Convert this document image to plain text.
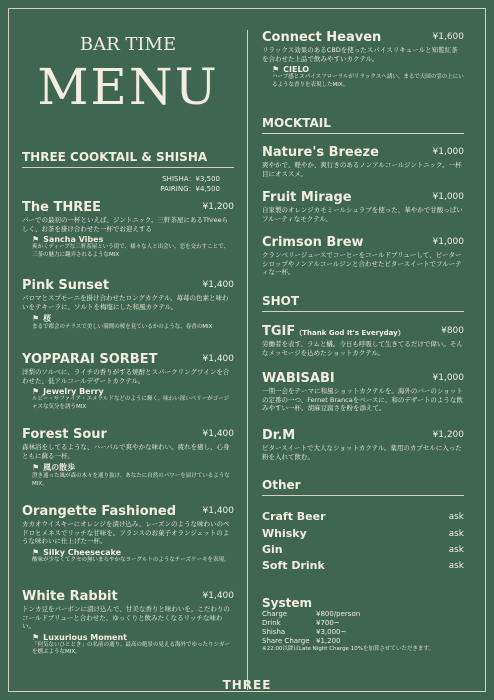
BAR TIME
MENU
THREE COOKTAIL & SHISHA
SHISHA：¥3,500
PAIRING：¥4,500
The THREE	¥1,200
バーでの最初の一杯といえば、ジントニック。三軒茶屋にあるThreeらしく、お茶を掛け合わせた一杯でお迎えする
⚑ Sancha Vibes
爽かくディープな三軒茶屋という街で、様々な人と出会い、恋を交わすことで、三茶の魅力に翻弄されるようなMIX
Pink Sunset	¥1,400
パロマとスプモーニを掛け合わせたロングカクテル。苺苺の色素と味わいをテキーラに、ソルトを梅塩にした和風カクテル。
⚑ 桜
まるで都会のテラスで美しい満開の桜を見ているかのような、春香のMIX
YOPPARAI SORBET	¥1,400
洋梨のソルベに、ライチの香りがする焼酎とスパークリングワインを合わせた、低アルコールデザートカクテル。
⚑ Jewelry Berry
ルビー・サファイア・エメラルドなどのように輝く、味わい深いベリーがゴージャスな気分を誘うMIX
Forest Sour	¥1,400
森林浴をしてるような、ハーバルで爽やかな味わい。疲れを癒し、心身ともに蘇る一杯。
⚑ 風の散歩
澄き通った風が森の木々を通り抜け、あなたに自然のパワーを届けているようなMIX。
Orangette Fashioned	¥1,400
カカオウイスキーにオレンジを漬け込み、レーズンのような味わいのペドロヒメネスでリッチな甘味を。フランスのお菓子オランジェットのような味わいに仕上げた一杯。
⚑ Silky Cheesecake
酸味が少なくてクセの無いまろやかなヨーグルトのようなチーズケーキを表現。
White Rabbit	¥1,400
トンカ豆をバーボンに漬け込んで、甘美な香りと味わいを。こだわりのコールドブリューと合わせた、ゆっくりと飲みたくなるリッチな味わい。
⚑ Luxurious Moment
「何気ないひととき」の名前の通り、最高の絶景の見える海外でゆったりシガーを燻ぶようなMIX。
Connect Heaven	¥1,600
リラックス効果のあるCBDを使ったスパイスリキュールと知覧紅茶を合わせた上品で飲みやすいカクテル。
⚑ CIELO
ハーブ感とスパイスフローラルがリラックスへ誘い、まるで天国の雲の上にいるような香りを表現したMIX。
MOCKTAIL
Nature's Breeze	¥1,000
爽やかで、軽やか、爽行きのあるノンアルコールジントニック。一杯目にオススメ。
Fruit Mirage	¥1,000
自家製のオレンジカモミールシュラブを使った、華やかで甘酸っぱいフルーティなモクテル。
Crimson Brew	¥1,000
クランベリージュースでコーヒーをコールドブリューして、ピーターシロップやノンアルコールジンと合わせたビタースイートでフルーティな一杯。
SHOT
TGIF（Thank God It's Everyday）	¥800
労働者を表す、ラムと蟻。今日も呼吸して生きてるだけで偉い。そんなメッセージを込めたショットカクテル。
WABISABI	¥1,000
一期一会をテーマに和風ショットカクテルを。海外のバーのショットの定番の一つ、Fernet Brancaをベースに、和のデザートのような飲みやすい一杯。胡麻豆腐さを粉を添えて。
Dr.M	¥1,200
ビタースイートで大人なショットカクテル。薬用のカプセルに入った粉を入れて飲む。
Other
Craft Beer	ask
Whisky	ask
Gin	ask
Soft Drink	ask
System
Charge	¥800/person
Drink	¥700~
Shisha	¥3,000~
Share Charge ¥1,200
※22:00以降はLate Night Charge 10%を加算させていただきます。
THREE
